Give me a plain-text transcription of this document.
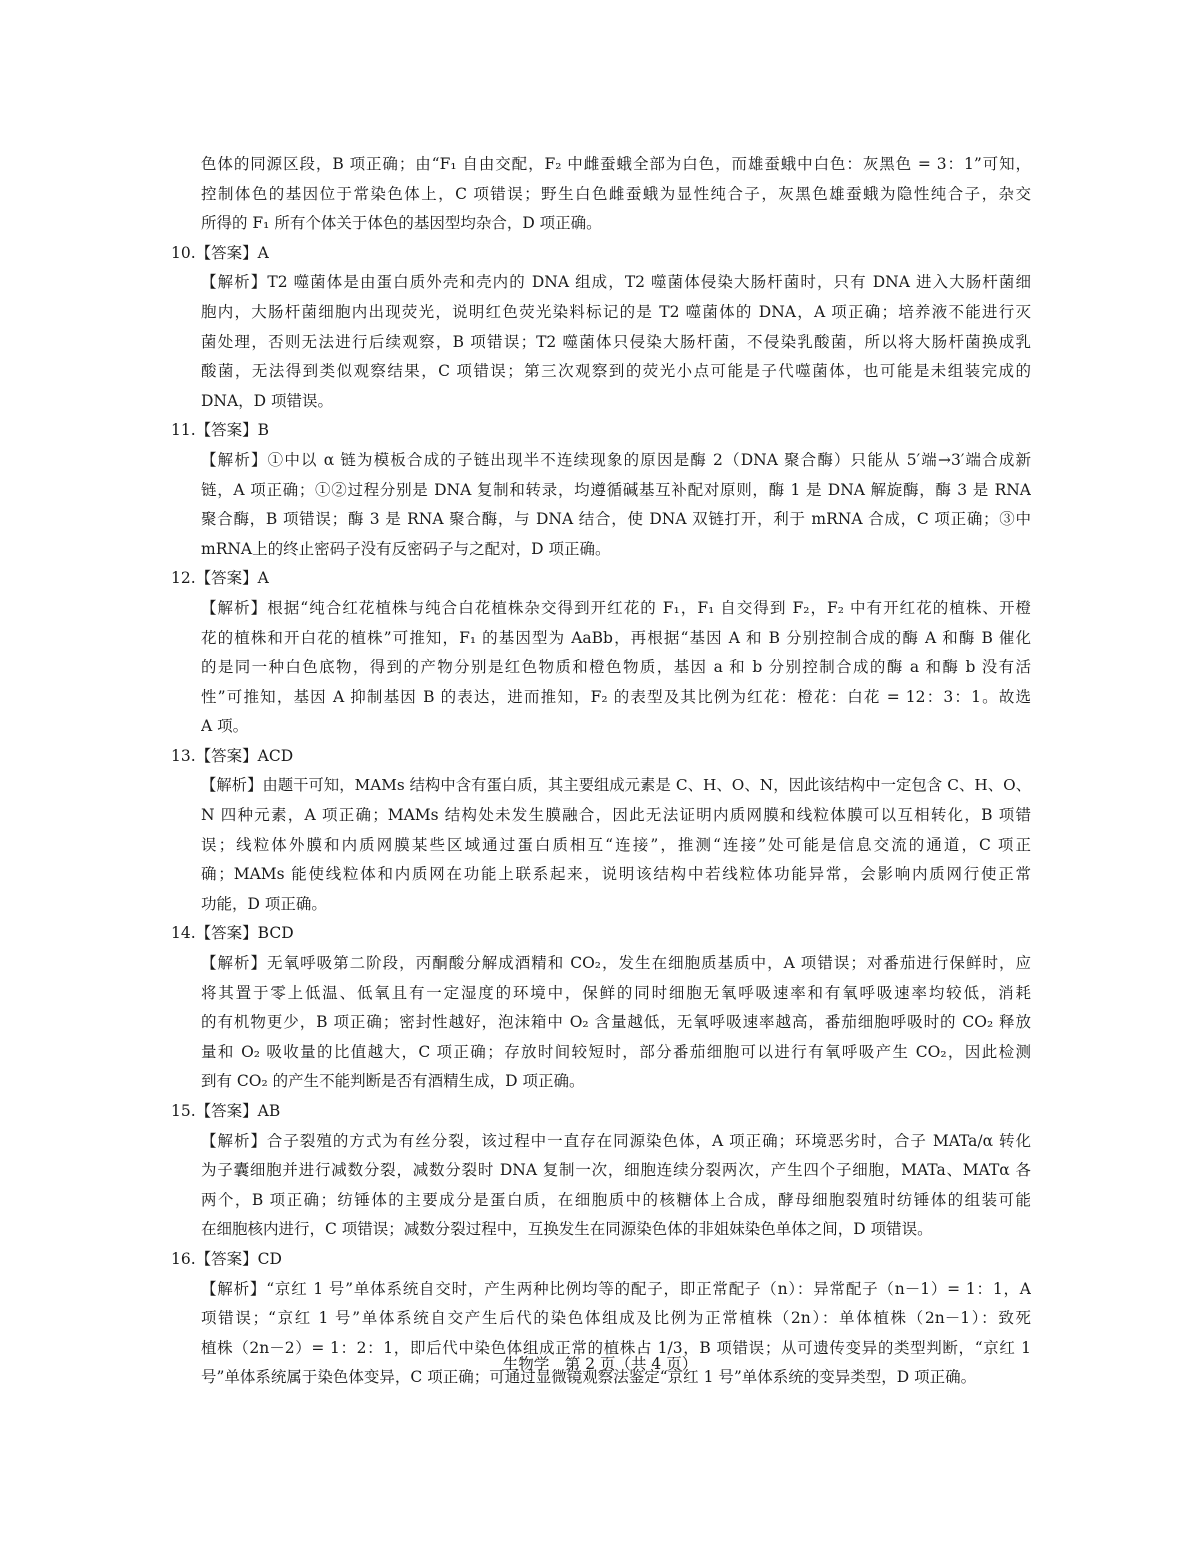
色体的同源区段，B 项正确；由“F₁ 自由交配，F₂ 中雌蚕蛾全部为白色，而雄蚕蛾中白色：灰黑色 = 3：1”可知，
控制体色的基因位于常染色体上，C 项错误；野生白色雌蚕蛾为显性纯合子，灰黑色雄蚕蛾为隐性纯合子，杂交
所得的 F₁ 所有个体关于体色的基因型均杂合，D 项正确。
10.【答案】A
【解析】T2 噬菌体是由蛋白质外壳和壳内的 DNA 组成，T2 噬菌体侵染大肠杆菌时，只有 DNA 进入大肠杆菌细
胞内，大肠杆菌细胞内出现荧光，说明红色荧光染料标记的是 T2 噬菌体的 DNA，A 项正确；培养液不能进行灭
菌处理，否则无法进行后续观察，B 项错误；T2 噬菌体只侵染大肠杆菌，不侵染乳酸菌，所以将大肠杆菌换成乳
酸菌，无法得到类似观察结果，C 项错误；第三次观察到的荧光小点可能是子代噬菌体，也可能是未组装完成的
DNA，D 项错误。
11.【答案】B
【解析】①中以 α 链为模板合成的子链出现半不连续现象的原因是酶 2（DNA 聚合酶）只能从 5′端→3′端合成新
链，A 项正确；①②过程分别是 DNA 复制和转录，均遵循碱基互补配对原则，酶 1 是 DNA 解旋酶，酶 3 是 RNA
聚合酶，B 项错误；酶 3 是 RNA 聚合酶，与 DNA 结合，使 DNA 双链打开，利于 mRNA 合成，C 项正确；③中
mRNA上的终止密码子没有反密码子与之配对，D 项正确。
12.【答案】A
【解析】根据“纯合红花植株与纯合白花植株杂交得到开红花的 F₁，F₁ 自交得到 F₂，F₂ 中有开红花的植株、开橙
花的植株和开白花的植株”可推知，F₁ 的基因型为 AaBb，再根据“基因 A 和 B 分别控制合成的酶 A 和酶 B 催化
的是同一种白色底物，得到的产物分别是红色物质和橙色物质，基因 a 和 b 分别控制合成的酶 a 和酶 b 没有活
性”可推知，基因 A 抑制基因 B 的表达，进而推知，F₂ 的表型及其比例为红花：橙花：白花 = 12：3：1。故选
A 项。
13.【答案】ACD
【解析】由题干可知，MAMs 结构中含有蛋白质，其主要组成元素是 C、H、O、N，因此该结构中一定包含 C、H、O、
N 四种元素，A 项正确；MAMs 结构处未发生膜融合，因此无法证明内质网膜和线粒体膜可以互相转化，B 项错
误；线粒体外膜和内质网膜某些区域通过蛋白质相互“连接”，推测“连接”处可能是信息交流的通道，C 项正
确；MAMs 能使线粒体和内质网在功能上联系起来，说明该结构中若线粒体功能异常，会影响内质网行使正常
功能，D 项正确。
14.【答案】BCD
【解析】无氧呼吸第二阶段，丙酮酸分解成酒精和 CO₂，发生在细胞质基质中，A 项错误；对番茄进行保鲜时，应
将其置于零上低温、低氧且有一定湿度的环境中，保鲜的同时细胞无氧呼吸速率和有氧呼吸速率均较低，消耗
的有机物更少，B 项正确；密封性越好，泡沫箱中 O₂ 含量越低，无氧呼吸速率越高，番茄细胞呼吸时的 CO₂ 释放
量和 O₂ 吸收量的比值越大，C 项正确；存放时间较短时，部分番茄细胞可以进行有氧呼吸产生 CO₂，因此检测
到有 CO₂ 的产生不能判断是否有酒精生成，D 项正确。
15.【答案】AB
【解析】合子裂殖的方式为有丝分裂，该过程中一直存在同源染色体，A 项正确；环境恶劣时，合子 MATa/α 转化
为子囊细胞并进行减数分裂，减数分裂时 DNA 复制一次，细胞连续分裂两次，产生四个子细胞，MATa、MATα 各
两个，B 项正确；纺锤体的主要成分是蛋白质，在细胞质中的核糖体上合成，酵母细胞裂殖时纺锤体的组装可能
在细胞核内进行，C 项错误；减数分裂过程中，互换发生在同源染色体的非姐妹染色单体之间，D 项错误。
16.【答案】CD
【解析】“京红 1 号”单体系统自交时，产生两种比例均等的配子，即正常配子（n）：异常配子（n－1）= 1：1，A
项错误；“京红 1 号”单体系统自交产生后代的染色体组成及比例为正常植株（2n）：单体植株（2n－1）：致死
植株（2n－2）= 1：2：1，即后代中染色体组成正常的植株占 1/3，B 项错误；从可遗传变异的类型判断，“京红 1
号”单体系统属于染色体变异，C 项正确；可通过显微镜观察法鉴定“京红 1 号”单体系统的变异类型，D 项正确。
生物学　第 2 页（共 4 页）
